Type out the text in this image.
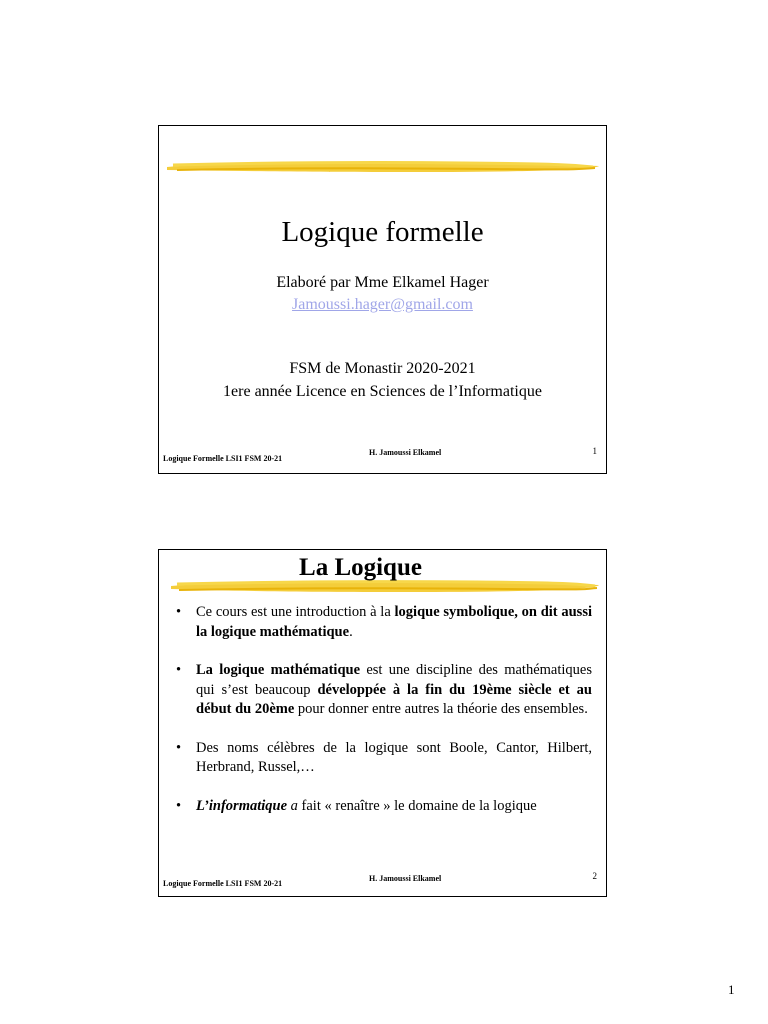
Logique formelle
Elaboré par Mme Elkamel Hager
Jamoussi.hager@gmail.com
FSM de Monastir 2020-2021
1ere année Licence en Sciences de l’Informatique
Logique Formelle LSI1 FSM 20-21
H. Jamoussi Elkamel	1
La Logique
• Ce cours est une introduction à la logique symbolique, on dit aussi la logique mathématique.
• La logique mathématique est une discipline des mathématiques qui s’est beaucoup développée à la fin du 19ème siècle et au début du 20ème pour donner entre autres la théorie des ensembles.
• Des noms célèbres de la logique sont Boole, Cantor, Hilbert, Herbrand, Russel,…
• L’informatique a fait « renaître » le domaine de la logique
Logique Formelle LSI1 FSM 20-21
H. Jamoussi Elkamel	2
1
